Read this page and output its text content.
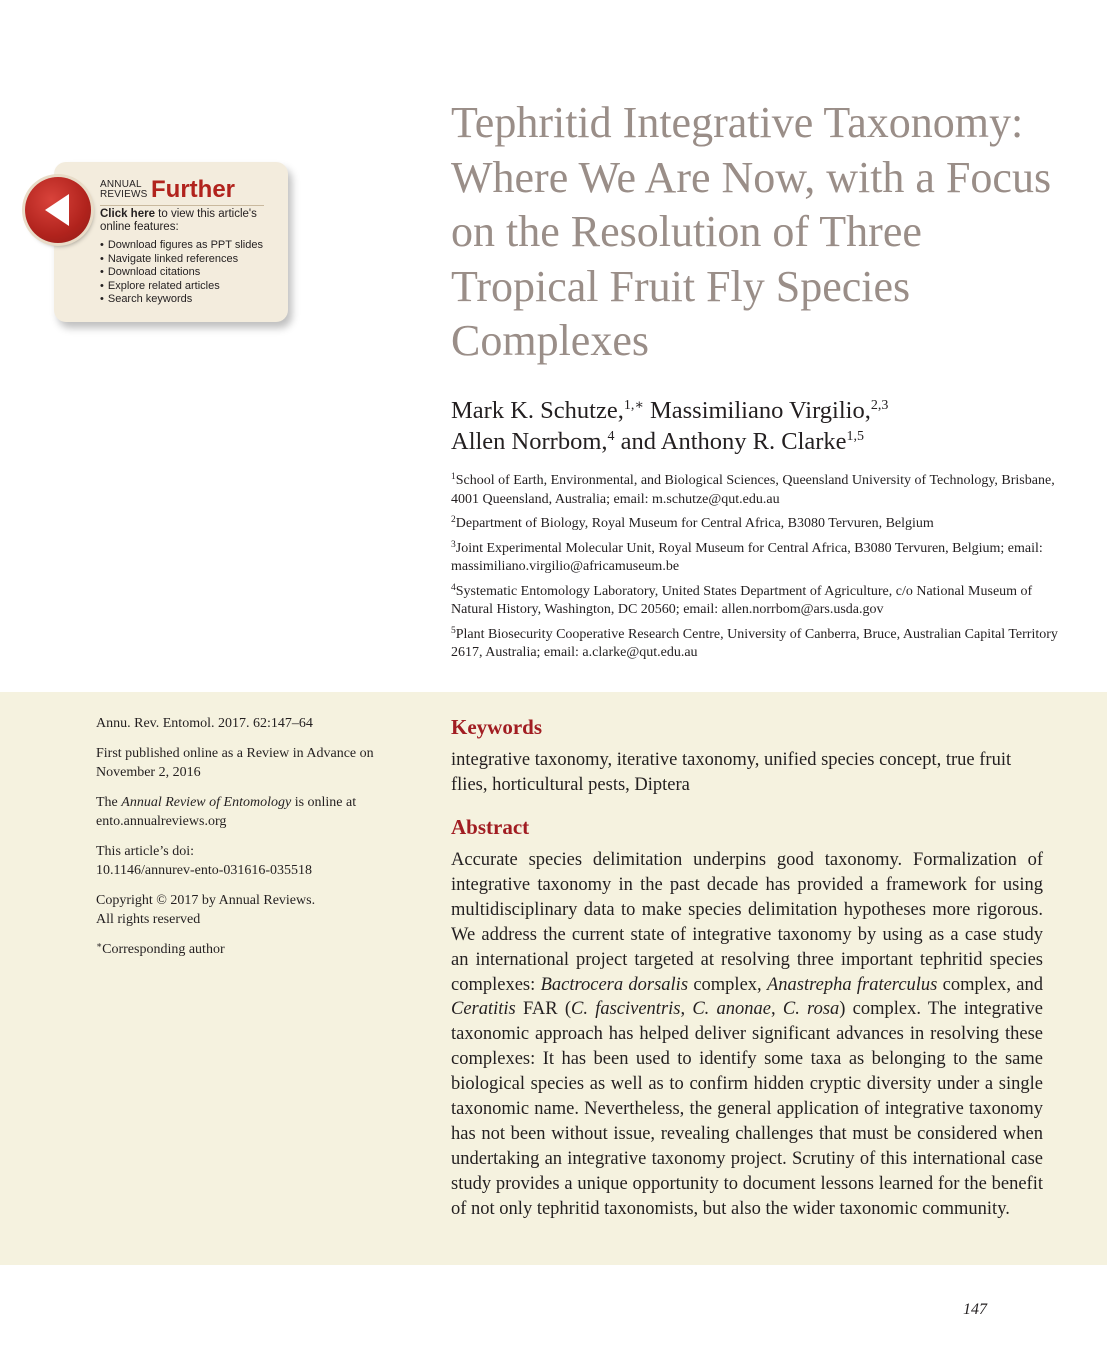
ANNUAL REVIEWS Further
Click here to view this article's online features:
• Download figures as PPT slides
• Navigate linked references
• Download citations
• Explore related articles
• Search keywords
Tephritid Integrative Taxonomy: Where We Are Now, with a Focus on the Resolution of Three Tropical Fruit Fly Species Complexes
Mark K. Schutze,$^{1,∗}$ Massimiliano Virgilio,$^{2,3}$
Allen Norrbom,$^4$ and Anthony R. Clarke$^{1,5}$

$^1$School of Earth, Environmental, and Biological Sciences, Queensland University of Technology, Brisbane, 4001 Queensland, Australia; email: m.schutze@qut.edu.au

$^2$Department of Biology, Royal Museum for Central Africa, B3080 Tervuren, Belgium

$^3$Joint Experimental Molecular Unit, Royal Museum for Central Africa, B3080 Tervuren, Belgium; email: massimiliano.virgilio@africamuseum.be

$^4$Systematic Entomology Laboratory, United States Department of Agriculture, c/o National Museum of Natural History, Washington, DC 20560; email: allen.norrbom@ars.usda.gov

$^5$Plant Biosecurity Cooperative Research Centre, University of Canberra, Bruce, Australian Capital Territory 2617, Australia; email: a.clarke@qut.edu.au

Annu. Rev. Entomol. 2017. 62:147–64

First published online as a Review in Advance on November 2, 2016

The Annual Review of Entomology is online at ento.annualreviews.org

This article’s doi:
10.1146/annurev-ento-031616-035518

Copyright © 2017 by Annual Reviews.
All rights reserved

∗Corresponding author

Keywords
integrative taxonomy, iterative taxonomy, unified species concept, true fruit flies, horticultural pests, Diptera
Abstract

Accurate species delimitation underpins good taxonomy. Formalization of integrative taxonomy in the past decade has provided a framework for using multidisciplinary data to make species delimitation hypotheses more rigorous. We address the current state of integrative taxonomy by using as a case study an international project targeted at resolving three important tephritid species complexes: Bactrocera dorsalis complex, Anastrepha fraterculus complex, and Ceratitis FAR (C. fasciventris, C. anonae, C. rosa) complex. The integrative taxonomic approach has helped deliver significant advances in resolving these complexes: It has been used to identify some taxa as belonging to the same biological species as well as to confirm hidden cryptic diversity under a single taxonomic name. Nevertheless, the general application of integrative taxonomy has not been without issue, revealing challenges that must be considered when undertaking an integrative taxonomy project. Scrutiny of this international case study provides a unique opportunity to document lessons learned for the benefit of not only tephritid taxonomists, but also the wider taxonomic community.

147
